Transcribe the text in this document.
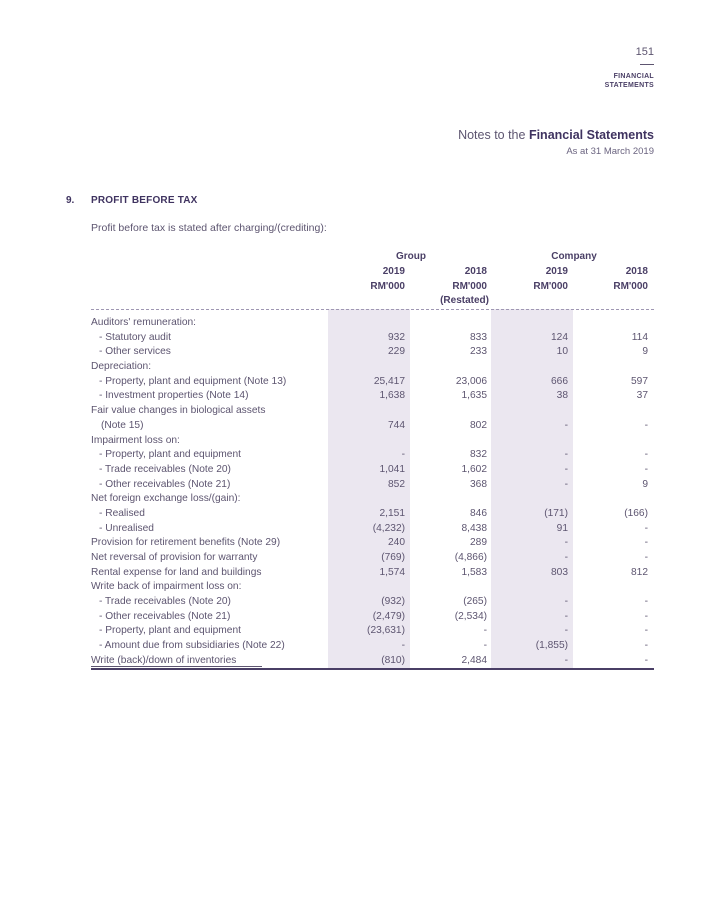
151
FINANCIAL
STATEMENTS
Notes to the Financial Statements
As at 31 March 2019
9. PROFIT BEFORE TAX
Profit before tax is stated after charging/(crediting):
Group	Company
2019	2018	2019	2018
RM'000	RM'000	RM'000	RM'000
(Restated)
Auditors' remuneration:
- Statutory audit	932	833	124	114
- Other services	229	233	10	9
Depreciation:
- Property, plant and equipment (Note 13)	25,417	23,006	666	597
- Investment properties (Note 14)	1,638	1,635	38	37
Fair value changes in biological assets
(Note 15)	744	802	-	-
Impairment loss on:
- Property, plant and equipment	-	832	-	-
- Trade receivables (Note 20)	1,041	1,602	-	-
- Other receivables (Note 21)	852	368	-	9
Net foreign exchange loss/(gain):
- Realised	2,151	846	(171)	(166)
- Unrealised	(4,232)	8,438	91	-
Provision for retirement benefits (Note 29)	240	289	-	-
Net reversal of provision for warranty	(769)	(4,866)	-	-
Rental expense for land and buildings	1,574	1,583	803	812
Write back of impairment loss on:
- Trade receivables (Note 20)	(932)	(265)	-	-
- Other receivables (Note 21)	(2,479)	(2,534)	-	-
- Property, plant and equipment	(23,631)	-	-	-
- Amount due from subsidiaries (Note 22)	-	-	(1,855)	-
Write (back)/down of inventories	(810)	2,484	-	-
